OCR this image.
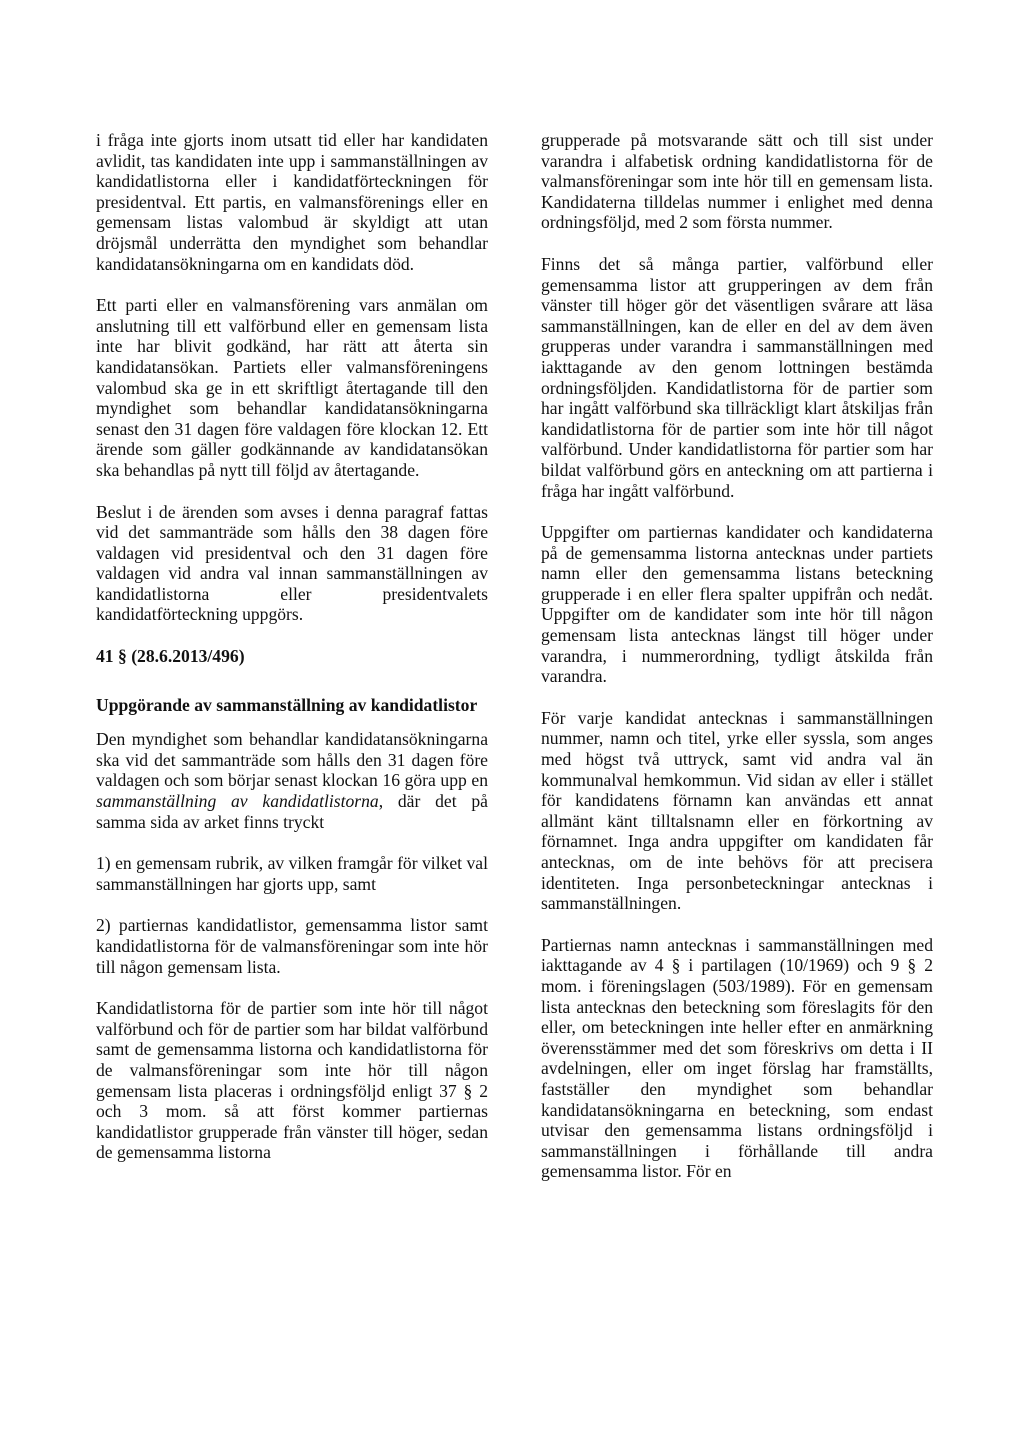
i fråga inte gjorts inom utsatt tid eller har kandidaten avlidit, tas kandidaten inte upp i sammanställningen av kandidatlistorna eller i kandidatförteckningen för presidentval. Ett partis, en valmansförenings eller en gemensam listas valombud är skyldigt att utan dröjsmål underrätta den myndighet som behandlar kandidatansökningarna om en kandidats död.

Ett parti eller en valmansförening vars anmälan om anslutning till ett valförbund eller en gemensam lista inte har blivit godkänd, har rätt att återta sin kandidatansökan. Partiets eller valmansföreningens valombud ska ge in ett skriftligt återtagande till den myndighet som behandlar kandidatansökningarna senast den 31 dagen före valdagen före klockan 12. Ett ärende som gäller godkännande av kandidatansökan ska behandlas på nytt till följd av återtagande.

Beslut i de ärenden som avses i denna paragraf fattas vid det sammanträde som hålls den 38 dagen före valdagen vid presidentval och den 31 dagen före valdagen vid andra val innan sammanställningen av kandidatlistorna eller presidentvalets kandidatförteckning uppgörs.

41 § (28.6.2013/496)

Uppgörande av sammanställning av kandidatlistor

Den myndighet som behandlar kandidatansökningarna ska vid det sammanträde som hålls den 31 dagen före valdagen och som börjar senast klockan 16 göra upp en sammanställning av kandidatlistorna, där det på samma sida av arket finns tryckt

1) en gemensam rubrik, av vilken framgår för vilket val sammanställningen har gjorts upp, samt

2) partiernas kandidatlistor, gemensamma listor samt kandidatlistorna för de valmansföreningar som inte hör till någon gemensam lista.

Kandidatlistorna för de partier som inte hör till något valförbund och för de partier som har bildat valförbund samt de gemensamma listorna och kandidatlistorna för de valmansföreningar som inte hör till någon gemensam lista placeras i ordningsföljd enligt 37 § 2 och 3 mom. så att först kommer partiernas kandidatlistor grupperade från vänster till höger, sedan de gemensamma listorna

grupperade på motsvarande sätt och till sist under varandra i alfabetisk ordning kandidatlistorna för de valmansföreningar som inte hör till en gemensam lista. Kandidaterna tilldelas nummer i enlighet med denna ordningsföljd, med 2 som första nummer.

Finns det så många partier, valförbund eller gemensamma listor att grupperingen av dem från vänster till höger gör det väsentligen svårare att läsa sammanställningen, kan de eller en del av dem även grupperas under varandra i sammanställningen med iakttagande av den genom lottningen bestämda ordningsföljden. Kandidatlistorna för de partier som har ingått valförbund ska tillräckligt klart åtskiljas från kandidatlistorna för de partier som inte hör till något valförbund. Under kandidatlistorna för partier som har bildat valförbund görs en anteckning om att partierna i fråga har ingått valförbund.

Uppgifter om partiernas kandidater och kandidaterna på de gemensamma listorna antecknas under partiets namn eller den gemensamma listans beteckning grupperade i en eller flera spalter uppifrån och nedåt. Uppgifter om de kandidater som inte hör till någon gemensam lista antecknas längst till höger under varandra, i nummerordning, tydligt åtskilda från varandra.

För varje kandidat antecknas i sammanställningen nummer, namn och titel, yrke eller syssla, som anges med högst två uttryck, samt vid andra val än kommunalval hemkommun. Vid sidan av eller i stället för kandidatens förnamn kan användas ett annat allmänt känt tilltalsnamn eller en förkortning av förnamnet. Inga andra uppgifter om kandidaten får antecknas, om de inte behövs för att precisera identiteten. Inga personbeteckningar antecknas i sammanställningen.

Partiernas namn antecknas i sammanställningen med iakttagande av 4 § i partilagen (10/1969) och 9 § 2 mom. i föreningslagen (503/1989). För en gemensam lista antecknas den beteckning som föreslagits för den eller, om beteckningen inte heller efter en anmärkning överensstämmer med det som föreskrivs om detta i II avdelningen, eller om inget förslag har framställts, fastställer den myndighet som behandlar kandidatansökningarna en beteckning, som endast utvisar den gemensamma listans ordningsföljd i sammanställningen i förhållande till andra gemensamma listor. För en
